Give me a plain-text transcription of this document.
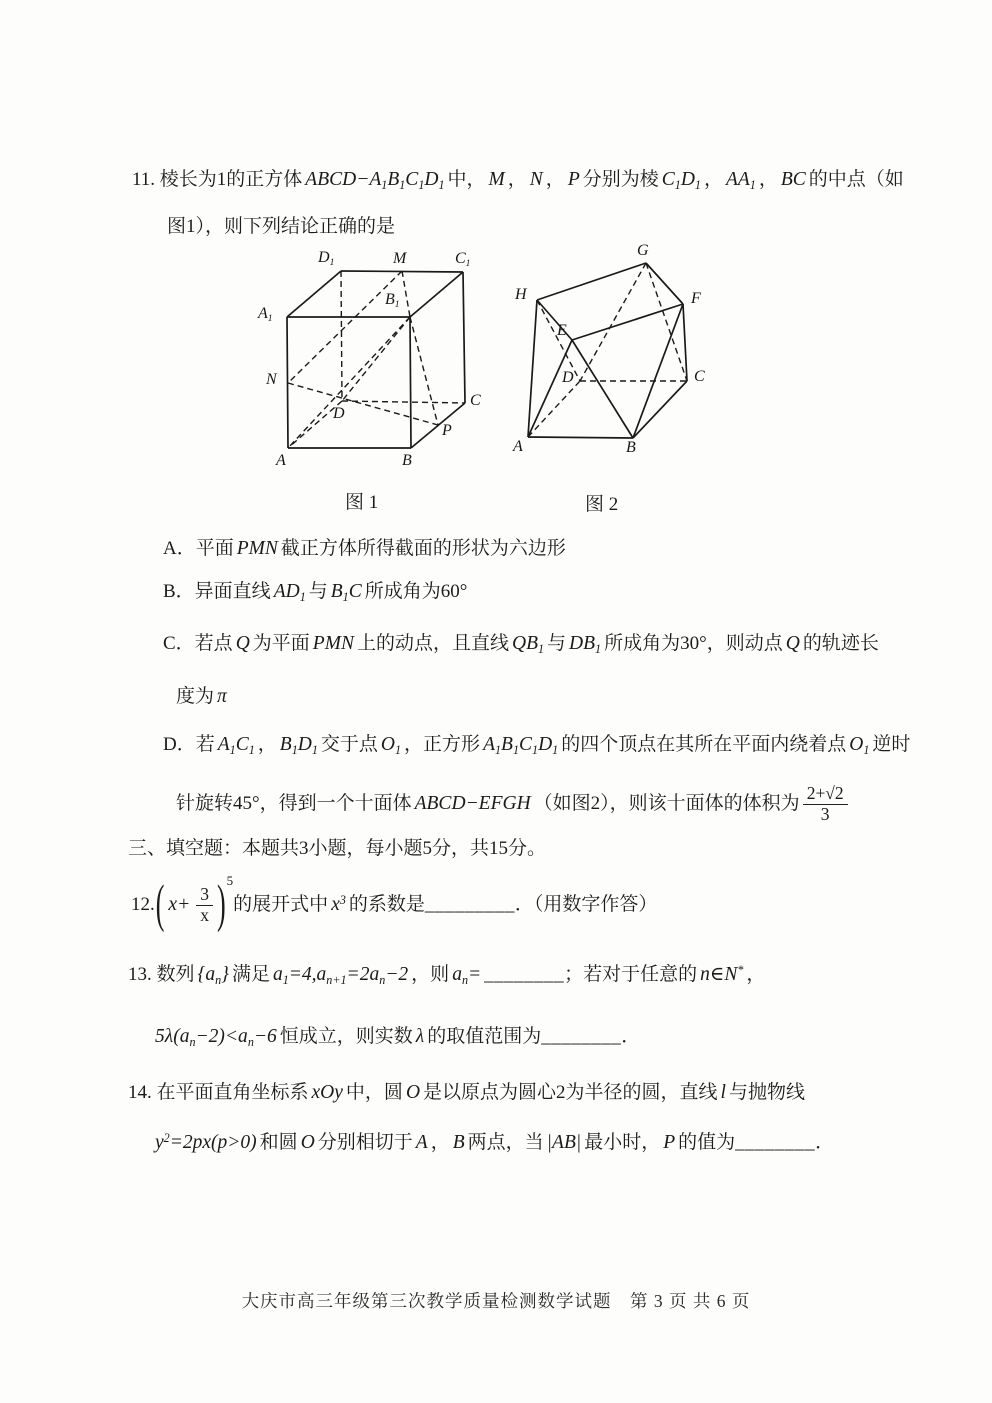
11. 棱长为1的正方体 $ABCD-A_1B_1C_1D_1$ 中， M ， N ， P 分别为棱 $C_1D_1$ ， $AA_1$ ， BC 的中点（如
图1），则下列结论正确的是
$D_1$	M	$C_1$
$A_1$
$B_1$
N
D
C
P
A	B
G
H	F
E
D	C
A	B
图 1	图 2
A．平面 PMN 截正方体所得截面的形状为六边形
B．异面直线 $AD_1$ 与 $B_1C$ 所成角为60°
C．若点 Q 为平面 PMN 上的动点，且直线 $QB_1$ 与 $DB_1$ 所成角为30°，则动点 Q 的轨迹长
度为 π
D．若 $A_1C_1$ ， $B_1D_1$ 交于点 $O_1$ ，正方形 $A_1B_1C_1D_1$ 的四个顶点在其所在平面内绕着点 $O_1$ 逆时
针旋转45°，得到一个十面体 ABCD−EFGH （如图2），则该十面体的体积为 $\frac{2+√2}{3}$
三、填空题：本题共3小题，每小题5分，共15分。
12. ( $x+ \frac{3}{x}$ ) 5
的展开式中 $x^3$ 的系数是 _________ ．（用数字作答）
13. 数列 $\{a_n\}$ 满足 $a_1=4,a_{n+1}=2a_n-2$ ，则 $a_n=$ ________；若对于任意的 n∈N* ，
$5\lambda(a_n-2)<a_n-6$ 恒成立，则实数 λ 的取值范围为________．
14. 在平面直角坐标系 xOy 中，圆 O 是以原点为圆心2为半径的圆，直线 l 与抛物线
$y^2=2px(p>0)$ 和圆 O 分别相切于 A ， B 两点，当 |AB| 最小时， P 的值为________．
大庆市高三年级第三次教学质量检测数学试题　第 3 页 共 6 页
